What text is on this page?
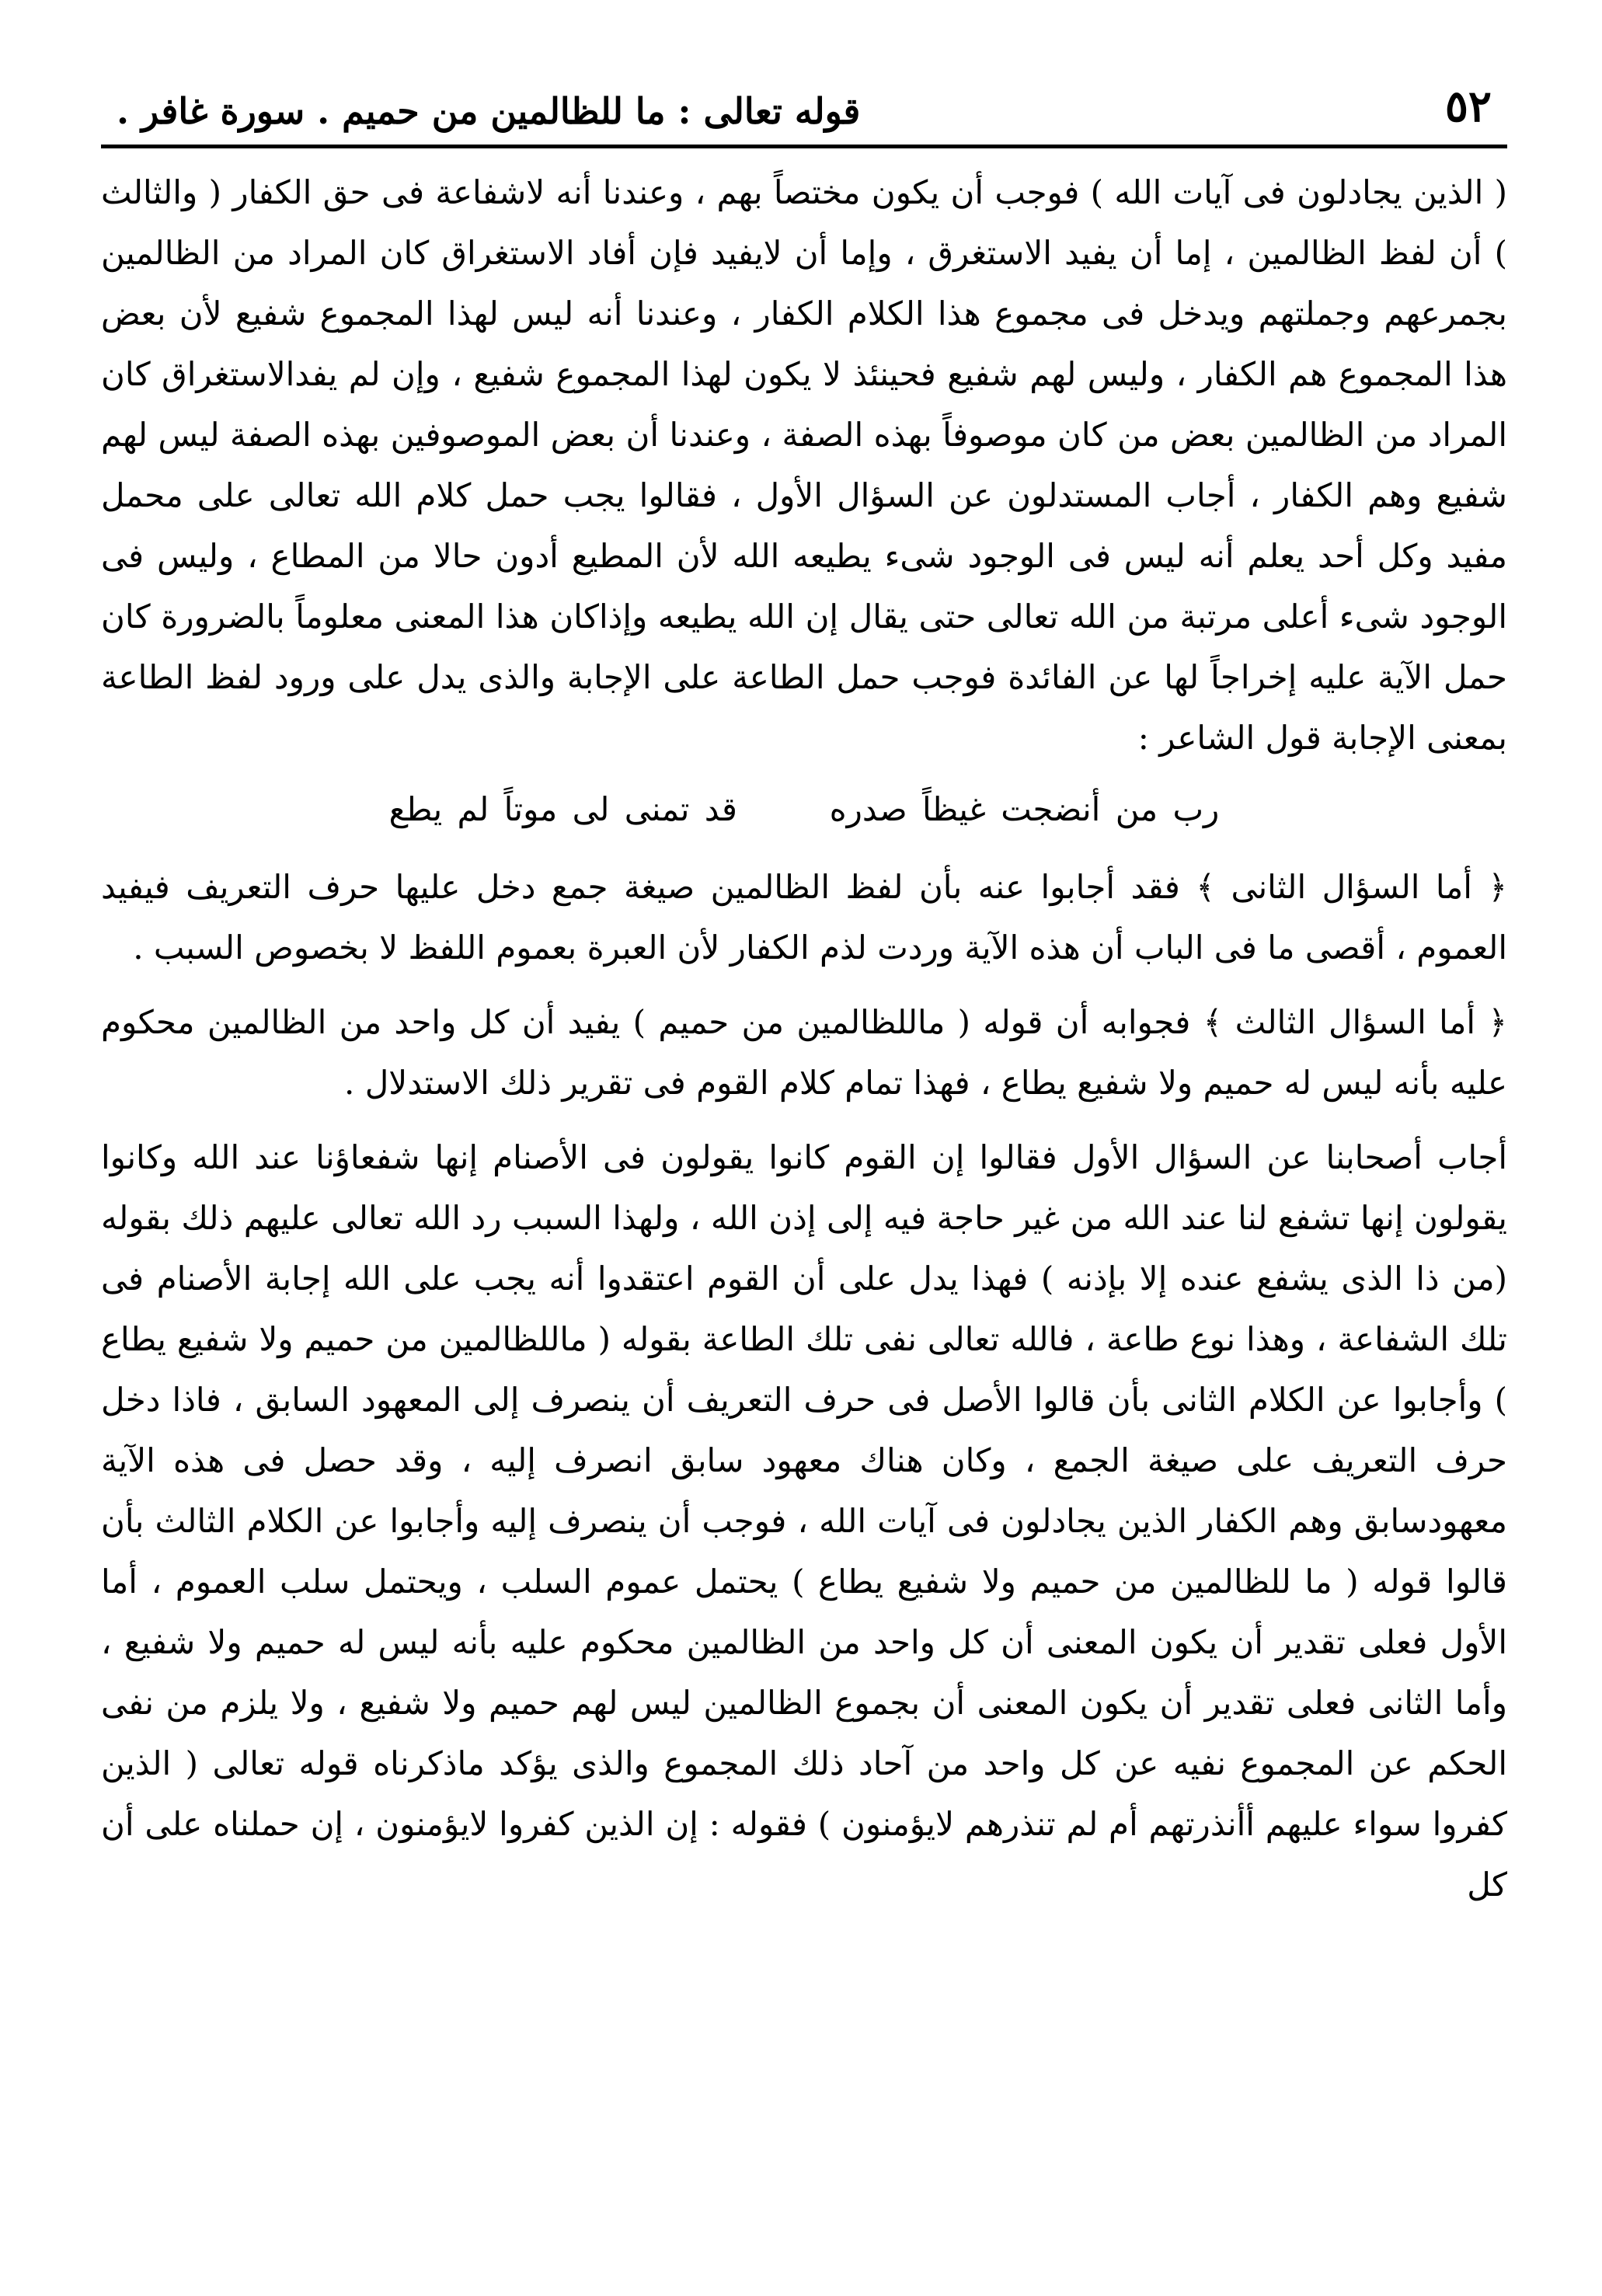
٥٢
قوله تعالى : ما للظالمين من حميم . سورة غافر .

( الذين يجادلون فى آيات الله ) فوجب أن يكون مختصاً بهم ، وعندنا أنه لاشفاعة فى حق الكفار ( والثالث ) أن لفظ الظالمين ، إما أن يفيد الاستغرق ، وإما أن لايفيد فإن أفاد الاستغراق كان المراد من الظالمين بجمرعهم وجملتهم ويدخل فى مجموع هذا الكلام الكفار ، وعندنا أنه ليس لهذا المجموع شفيع لأن بعض هذا المجموع هم الكفار ، وليس لهم شفيع فحينئذ لا يكون لهذا المجموع شفيع ، وإن لم يفدالاستغراق كان المراد من الظالمين بعض من كان موصوفاً بهذه الصفة ، وعندنا أن بعض الموصوفين بهذه الصفة ليس لهم شفيع وهم الكفار ، أجاب المستدلون عن السؤال الأول ، فقالوا يجب حمل كلام الله تعالى على محمل مفيد وكل أحد يعلم أنه ليس فى الوجود شىء يطيعه الله لأن المطيع أدون حالا من المطاع ، وليس فى الوجود شىء أعلى مرتبة من الله تعالى حتى يقال إن الله يطيعه وإذاكان هذا المعنى معلوماً بالضرورة كان حمل الآية عليه إخراجاً لها عن الفائدة فوجب حمل الطاعة على الإجابة والذى يدل على ورود لفظ الطاعة بمعنى الإجابة قول الشاعر :

رب من أنضجت غيظاً صدره  قد تمنى لى موتاً لم يطع

﴿ أما السؤال الثانى ﴾ فقد أجابوا عنه بأن لفظ الظالمين صيغة جمع دخل عليها حرف التعريف فيفيد العموم ، أقصى ما فى الباب أن هذه الآية وردت لذم الكفار لأن العبرة بعموم اللفظ لا بخصوص السبب .

﴿ أما السؤال الثالث ﴾ فجوابه أن قوله ( ماللظالمين من حميم ) يفيد أن كل واحد من الظالمين محكوم عليه بأنه ليس له حميم ولا شفيع يطاع ، فهذا تمام كلام القوم فى تقرير ذلك الاستدلال .

أجاب أصحابنا عن السؤال الأول فقالوا إن القوم كانوا يقولون فى الأصنام إنها شفعاؤنا عند الله وكانوا يقولون إنها تشفع لنا عند الله من غير حاجة فيه إلى إذن الله ، ولهذا السبب رد الله تعالى عليهم ذلك بقوله (من ذا الذى يشفع عنده إلا بإذنه ) فهذا يدل على أن القوم اعتقدوا أنه يجب على الله إجابة الأصنام فى تلك الشفاعة ، وهذا نوع طاعة ، فالله تعالى نفى تلك الطاعة بقوله ( ماللظالمين من حميم ولا شفيع يطاع ) وأجابوا عن الكلام الثانى بأن قالوا الأصل فى حرف التعريف أن ينصرف إلى المعهود السابق ، فاذا دخل حرف التعريف على صيغة الجمع ، وكان هناك معهود سابق انصرف إليه ، وقد حصل فى هذه الآية معهودسابق وهم الكفار الذين يجادلون فى آيات الله ، فوجب أن ينصرف إليه وأجابوا عن الكلام الثالث بأن قالوا قوله ( ما للظالمين من حميم ولا شفيع يطاع ) يحتمل عموم السلب ، ويحتمل سلب العموم ، أما الأول فعلى تقدير أن يكون المعنى أن كل واحد من الظالمين محكوم عليه بأنه ليس له حميم ولا شفيع ، وأما الثانى فعلى تقدير أن يكون المعنى أن بجموع الظالمين ليس لهم حميم ولا شفيع ، ولا يلزم من نفى الحكم عن المجموع نفيه عن كل واحد من آحاد ذلك المجموع والذى يؤكد ماذكرناه قوله تعالى ( الذين كفروا سواء عليهم أأنذرتهم أم لم تنذرهم لايؤمنون ) فقوله : إن الذين كفروا لايؤمنون ، إن حملناه على أن كل
